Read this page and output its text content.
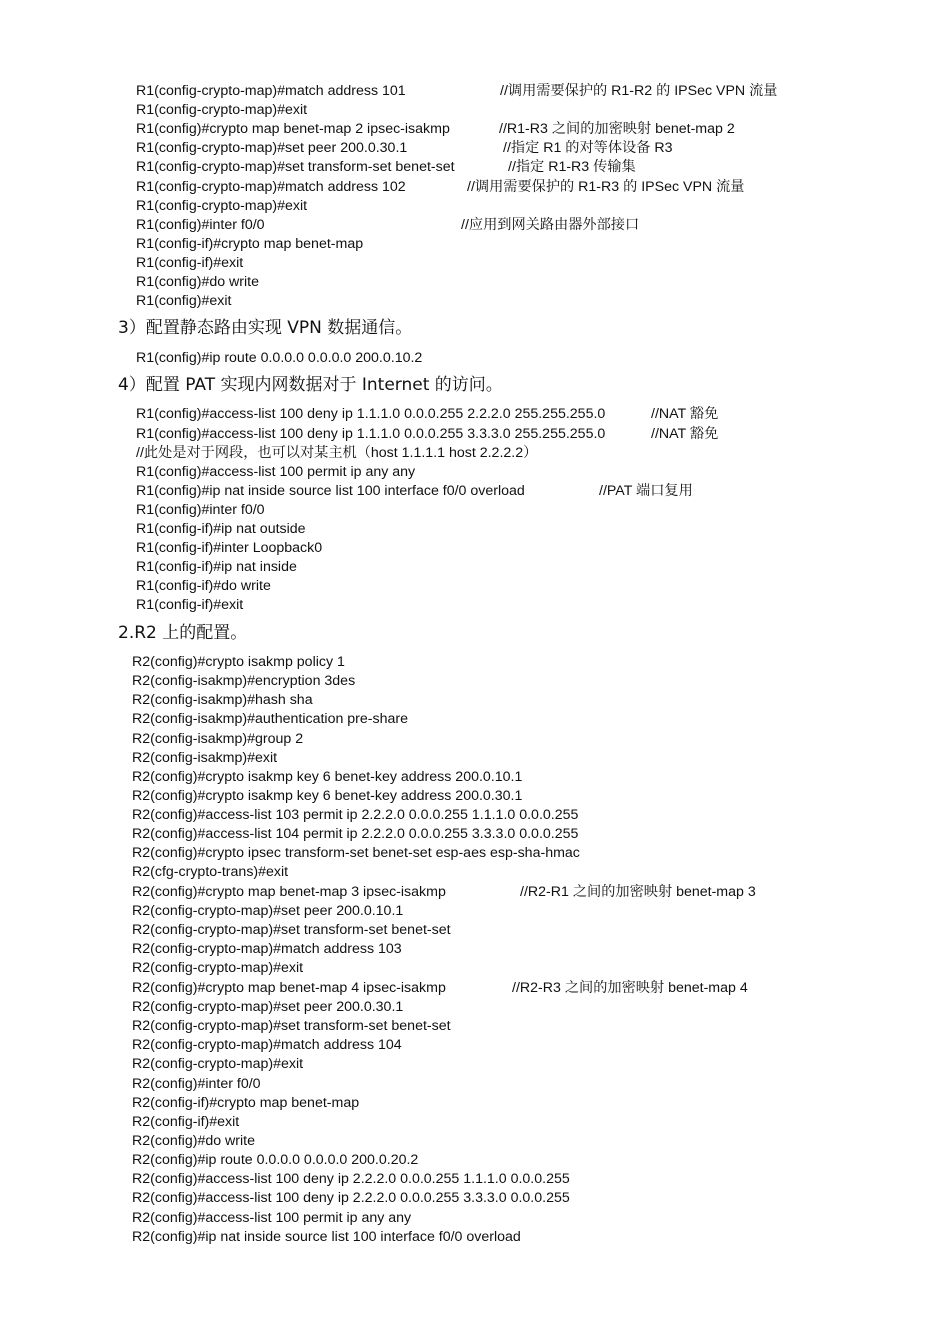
R1(config-crypto-map)#match address 101	//调用需要保护的 R1-R2 的 IPSec VPN 流量
R1(config-crypto-map)#exit
R1(config)#crypto map benet-map 2 ipsec-isakmp	//R1-R3 之间的加密映射 benet-map 2
R1(config-crypto-map)#set peer 200.0.30.1	//指定 R1 的对等体设备 R3
R1(config-crypto-map)#set transform-set benet-set	//指定 R1-R3 传输集
R1(config-crypto-map)#match address 102	//调用需要保护的 R1-R3 的 IPSec VPN 流量
R1(config-crypto-map)#exit
R1(config)#inter f0/0	//应用到网关路由器外部接口
R1(config-if)#crypto map benet-map
R1(config-if)#exit
R1(config)#do write
R1(config)#exit
3）配置静态路由实现 VPN 数据通信。
R1(config)#ip route 0.0.0.0 0.0.0.0 200.0.10.2
4）配置 PAT 实现内网数据对于 Internet 的访问。
R1(config)#access-list 100 deny ip 1.1.1.0 0.0.0.255 2.2.2.0 255.255.255.0	//NAT 豁免
R1(config)#access-list 100 deny ip 1.1.1.0 0.0.0.255 3.3.3.0 255.255.255.0	//NAT 豁免
//此处是对于网段，也可以对某主机（host 1.1.1.1 host 2.2.2.2）
R1(config)#access-list 100 permit ip any any
R1(config)#ip nat inside source list 100 interface f0/0 overload	//PAT 端口复用
R1(config)#inter f0/0
R1(config-if)#ip nat outside
R1(config-if)#inter Loopback0
R1(config-if)#ip nat inside
R1(config-if)#do write
R1(config-if)#exit
2.R2 上的配置。
R2(config)#crypto isakmp policy 1
R2(config-isakmp)#encryption 3des
R2(config-isakmp)#hash sha
R2(config-isakmp)#authentication pre-share
R2(config-isakmp)#group 2
R2(config-isakmp)#exit
R2(config)#crypto isakmp key 6 benet-key address 200.0.10.1
R2(config)#crypto isakmp key 6 benet-key address 200.0.30.1
R2(config)#access-list 103 permit ip 2.2.2.0 0.0.0.255 1.1.1.0 0.0.0.255
R2(config)#access-list 104 permit ip 2.2.2.0 0.0.0.255 3.3.3.0 0.0.0.255
R2(config)#crypto ipsec transform-set benet-set esp-aes esp-sha-hmac
R2(cfg-crypto-trans)#exit
R2(config)#crypto map benet-map 3 ipsec-isakmp	//R2-R1 之间的加密映射 benet-map 3
R2(config-crypto-map)#set peer 200.0.10.1
R2(config-crypto-map)#set transform-set benet-set
R2(config-crypto-map)#match address 103
R2(config-crypto-map)#exit
R2(config)#crypto map benet-map 4 ipsec-isakmp	//R2-R3 之间的加密映射 benet-map 4
R2(config-crypto-map)#set peer 200.0.30.1
R2(config-crypto-map)#set transform-set benet-set
R2(config-crypto-map)#match address 104
R2(config-crypto-map)#exit
R2(config)#inter f0/0
R2(config-if)#crypto map benet-map
R2(config-if)#exit
R2(config)#do write
R2(config)#ip route 0.0.0.0 0.0.0.0 200.0.20.2
R2(config)#access-list 100 deny ip 2.2.2.0 0.0.0.255 1.1.1.0 0.0.0.255
R2(config)#access-list 100 deny ip 2.2.2.0 0.0.0.255 3.3.3.0 0.0.0.255
R2(config)#access-list 100 permit ip any any
R2(config)#ip nat inside source list 100 interface f0/0 overload
